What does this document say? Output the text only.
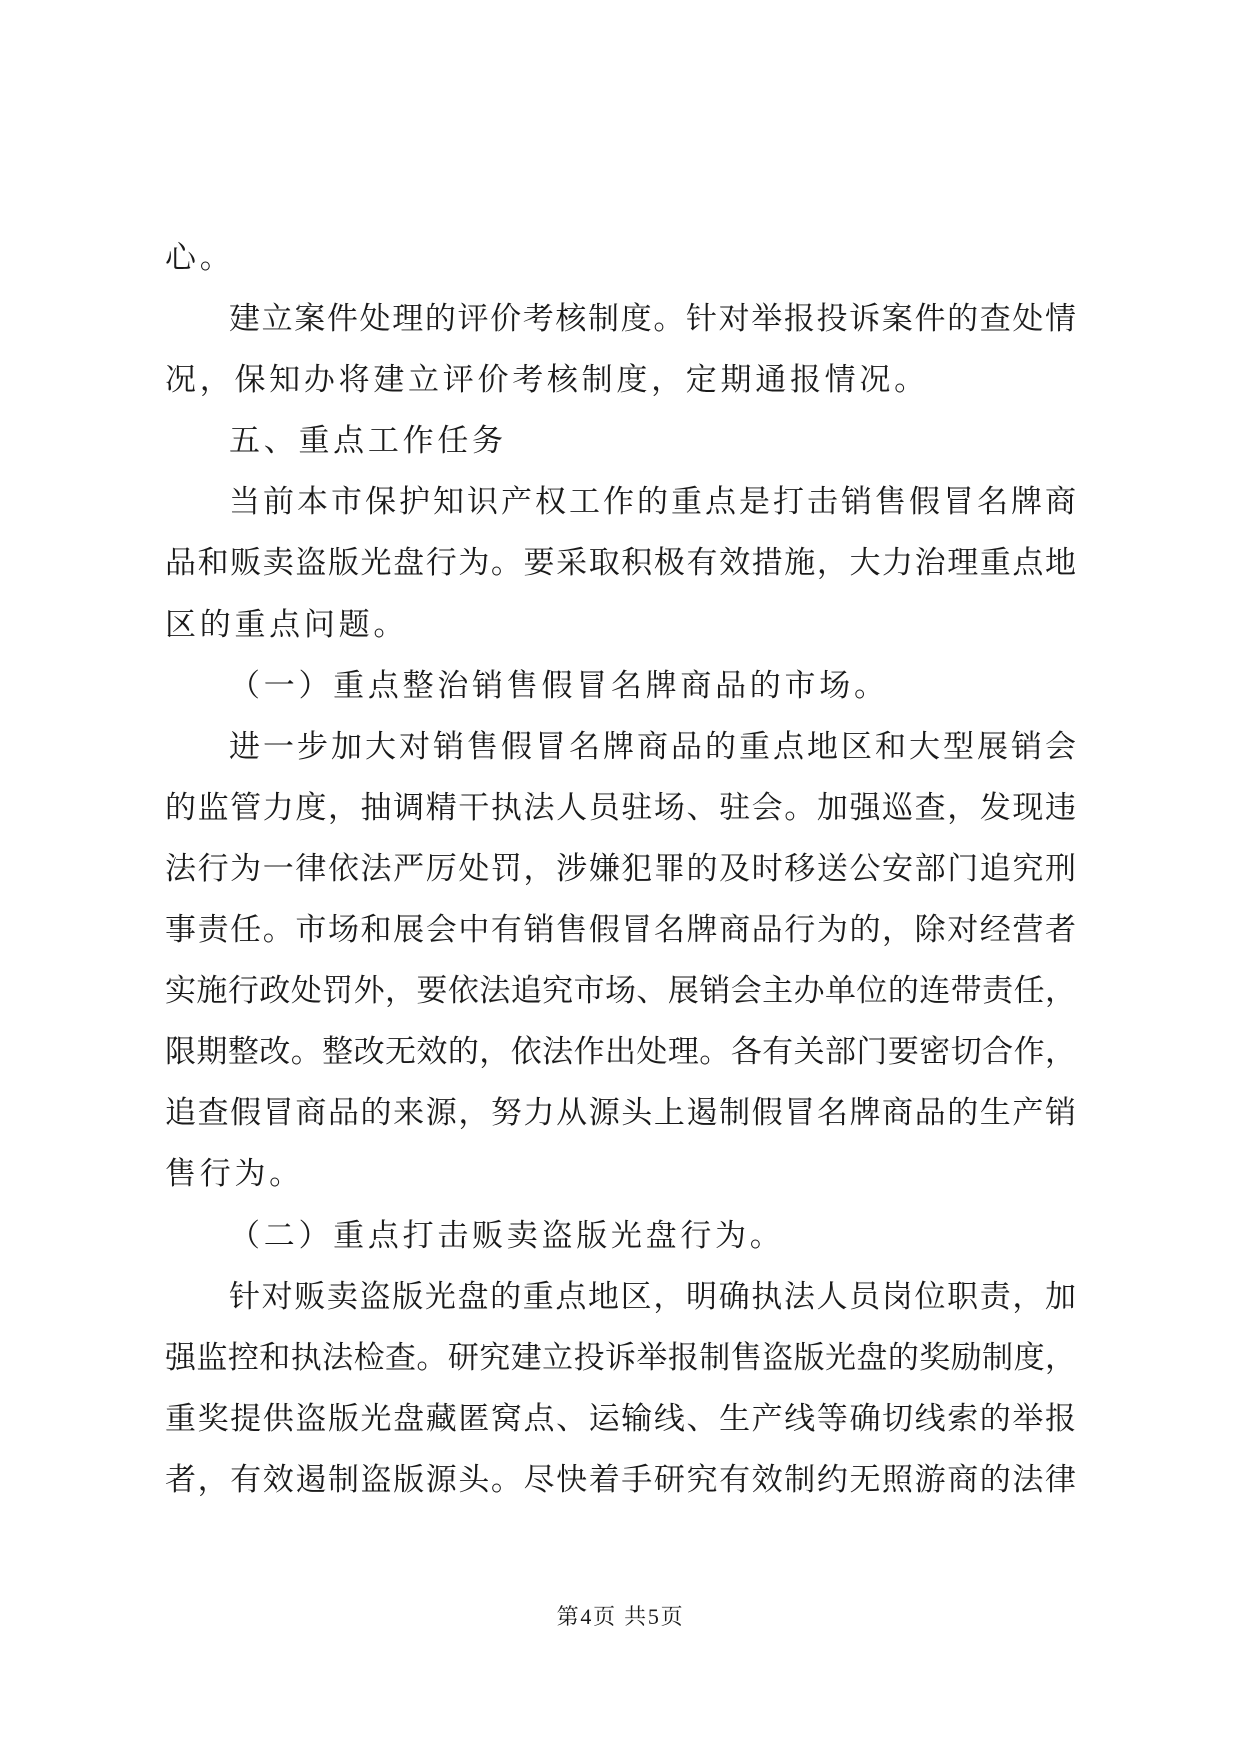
心。
建立案件处理的评价考核制度。针对举报投诉案件的查处情
况，保知办将建立评价考核制度，定期通报情况。
五、重点工作任务
当前本市保护知识产权工作的重点是打击销售假冒名牌商
品和贩卖盗版光盘行为。要采取积极有效措施，大力治理重点地
区的重点问题。
（一）重点整治销售假冒名牌商品的市场。
进一步加大对销售假冒名牌商品的重点地区和大型展销会
的监管力度，抽调精干执法人员驻场、驻会。加强巡查，发现违
法行为一律依法严厉处罚，涉嫌犯罪的及时移送公安部门追究刑
事责任。市场和展会中有销售假冒名牌商品行为的，除对经营者
实施行政处罚外，要依法追究市场、展销会主办单位的连带责任，
限期整改。整改无效的，依法作出处理。各有关部门要密切合作，
追查假冒商品的来源，努力从源头上遏制假冒名牌商品的生产销
售行为。
（二）重点打击贩卖盗版光盘行为。
针对贩卖盗版光盘的重点地区，明确执法人员岗位职责，加
强监控和执法检查。研究建立投诉举报制售盗版光盘的奖励制度，
重奖提供盗版光盘藏匿窝点、运输线、生产线等确切线索的举报
者，有效遏制盗版源头。尽快着手研究有效制约无照游商的法律
第4页 共5页
